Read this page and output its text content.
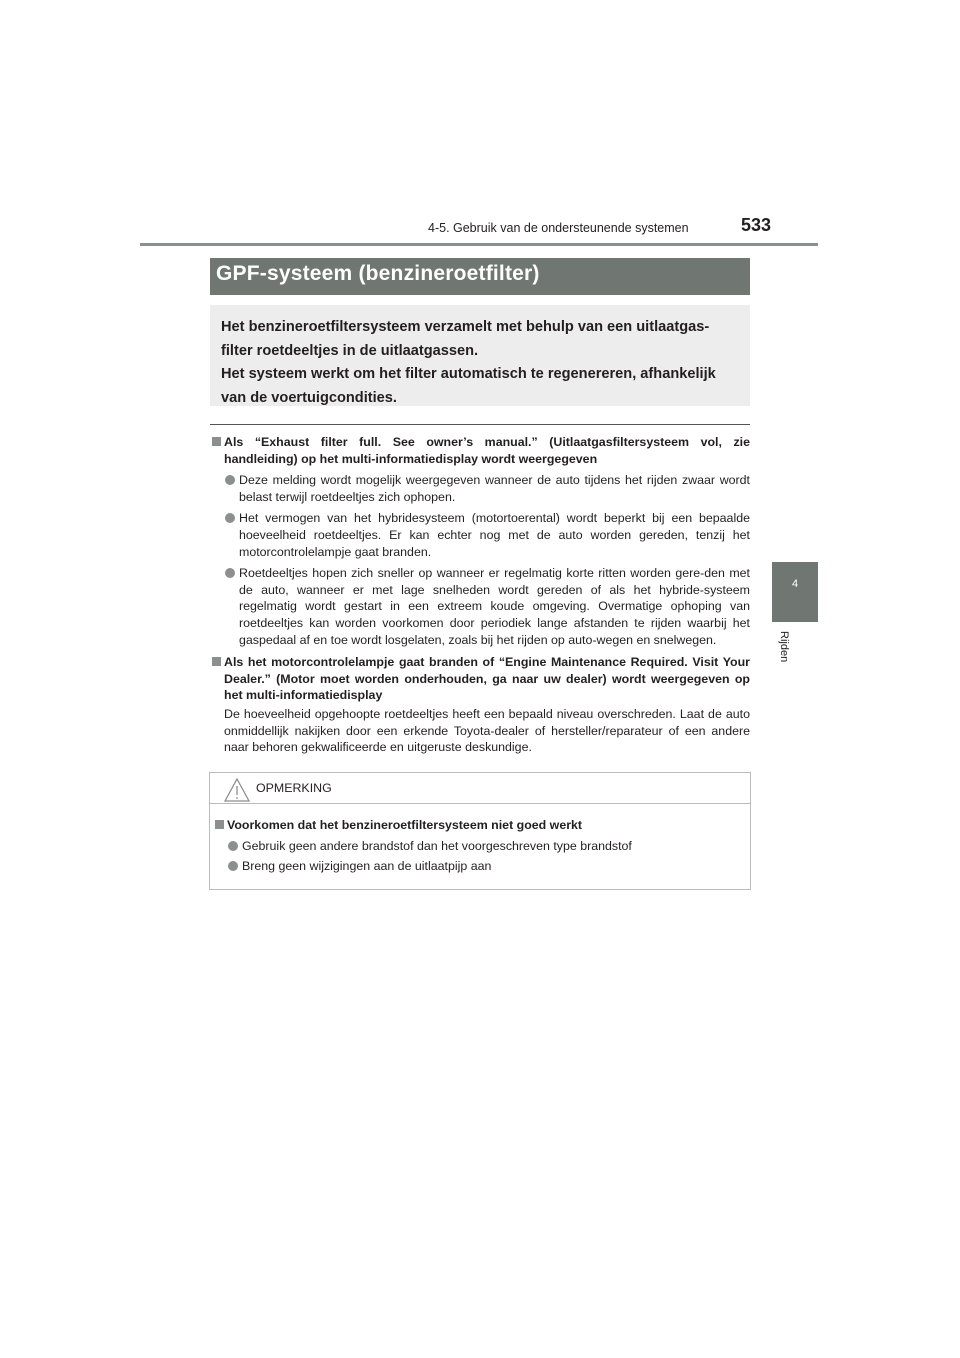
4-5. Gebruik van de ondersteunende systemen	533
4
Rijden
GPF-systeem (benzineroetfilter)
Het benzineroetfiltersysteem verzamelt met behulp van een uitlaatgas-
filter roetdeeltjes in de uitlaatgassen.
Het systeem werkt om het filter automatisch te regenereren, afhankelijk
van de voertuigcondities.
Als “Exhaust filter full. See owner’s manual.” (Uitlaatgasfiltersysteem vol, zie handleiding) op het multi-informatiedisplay wordt weergegeven
Deze melding wordt mogelijk weergegeven wanneer de auto tijdens het rijden zwaar wordt belast terwijl roetdeeltjes zich ophopen.
Het vermogen van het hybridesysteem (motortoerental) wordt beperkt bij een bepaalde hoeveelheid roetdeeltjes. Er kan echter nog met de auto worden gereden, tenzij het motorcontrolelampje gaat branden.
Roetdeeltjes hopen zich sneller op wanneer er regelmatig korte ritten worden gere-den met de auto, wanneer er met lage snelheden wordt gereden of als het hybride-systeem regelmatig wordt gestart in een extreem koude omgeving. Overmatige ophoping van roetdeeltjes kan worden voorkomen door periodiek lange afstanden te rijden waarbij het gaspedaal af en toe wordt losgelaten, zoals bij het rijden op auto-wegen en snelwegen.
Als het motorcontrolelampje gaat branden of “Engine Maintenance Required. Visit Your Dealer.” (Motor moet worden onderhouden, ga naar uw dealer) wordt weergegeven op het multi-informatiedisplay
De hoeveelheid opgehoopte roetdeeltjes heeft een bepaald niveau overschreden. Laat de auto onmiddellijk nakijken door een erkende Toyota-dealer of hersteller/reparateur of een andere naar behoren gekwalificeerde en uitgeruste deskundige.
OPMERKING
Voorkomen dat het benzineroetfiltersysteem niet goed werkt
Gebruik geen andere brandstof dan het voorgeschreven type brandstof
Breng geen wijzigingen aan de uitlaatpijp aan
